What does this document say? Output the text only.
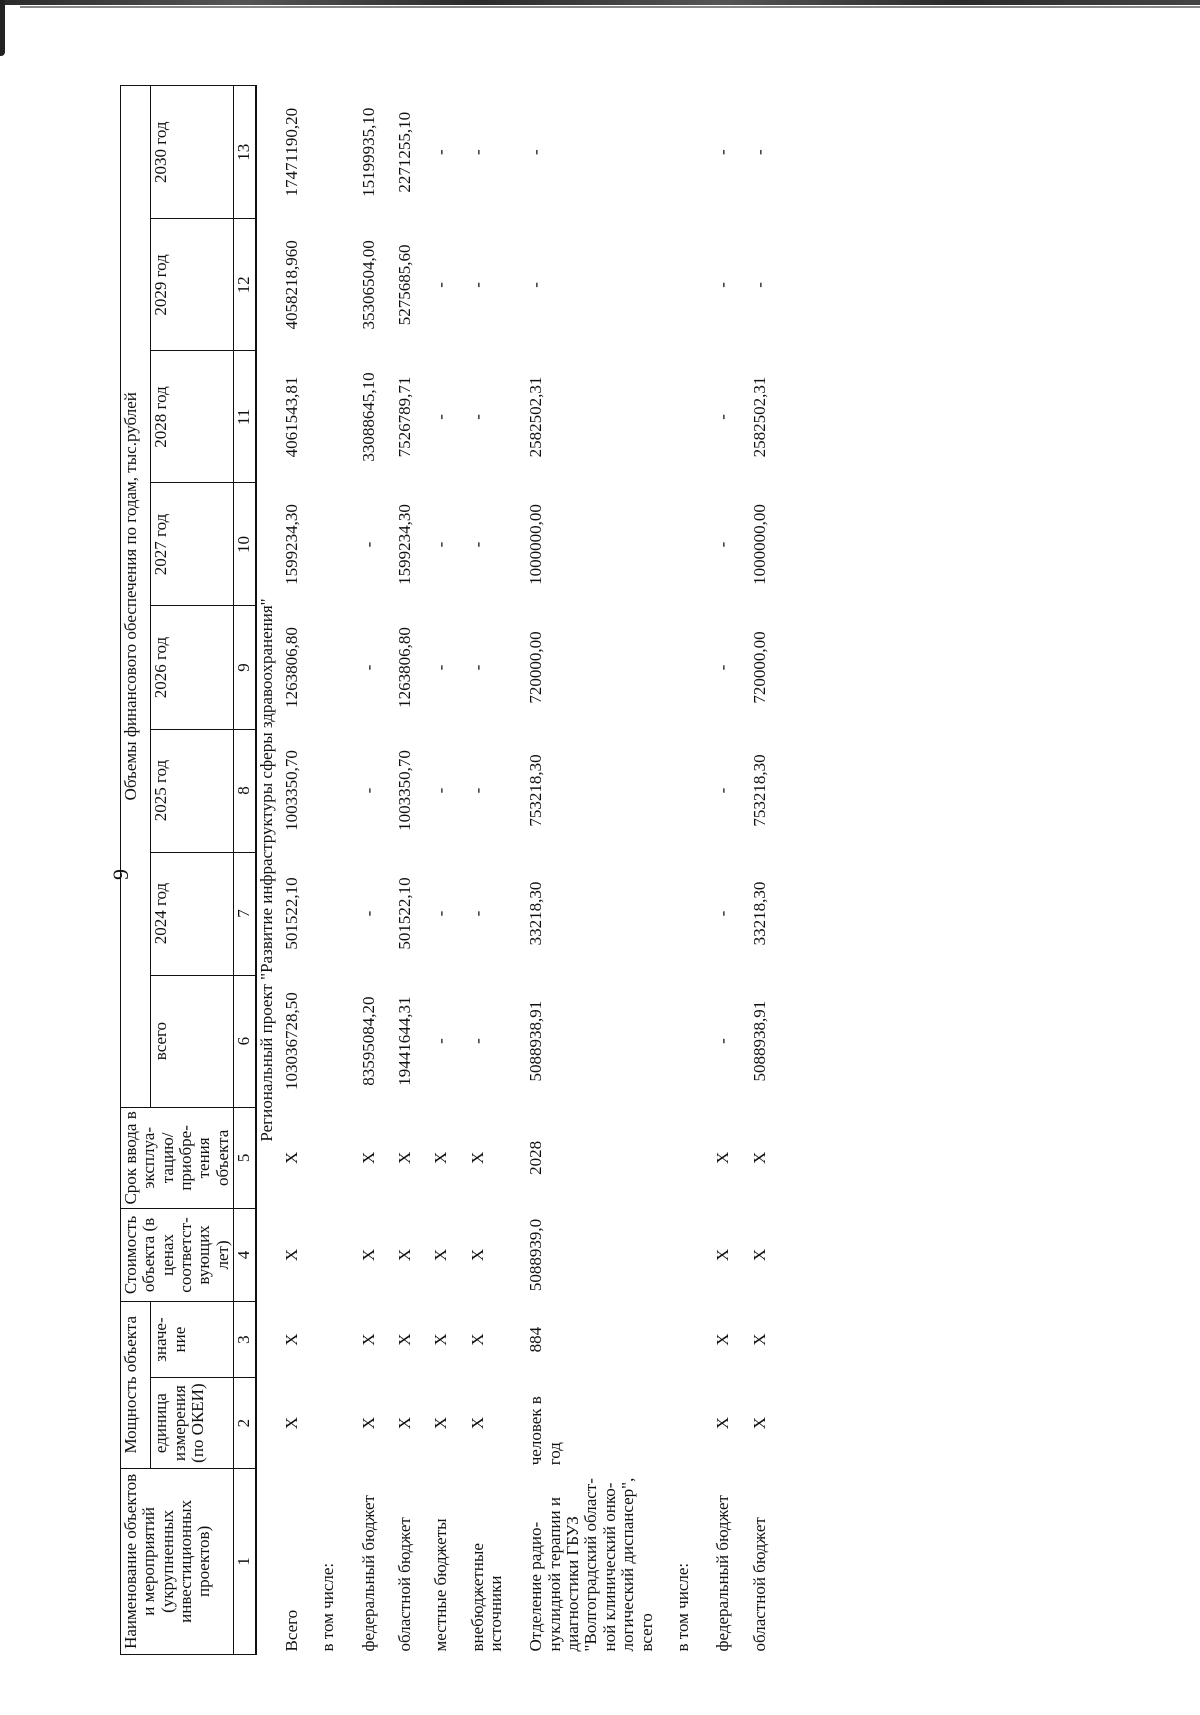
9
Наименование объектов и мероприятий (укрупненных инвестиционных проектов)	Мощность объекта		Стоимость объекта (в ценах соответст- вующих лет)	Срок ввода в эксплуа- тацию/ приобре- тения объекта	Объемы финансового обеспечения по годам, тыс.рублей							
	единица измерения (по ОКЕИ)	значе- ние			всего	2024 год	2025 год	2026 год	2027 год	2028 год	2029 год	2030 год
1	2	3	4	5	6	7	8	9	10	11	12	13
Региональный проект "Развитие инфраструктуры сферы здравоохранения"												
Всего	X	X	X	X	103036728,50	501522,10	1003350,70	1263806,80	1599234,30	4061543,81	4058218,960	17471190,20
в том числе:												
федеральный бюджет	X	X	X	X	83595084,20	-	-	-	-	33088645,10	35306504,00	15199935,10
областной бюджет	X	X	X	X	19441644,31	501522,10	1003350,70	1263806,80	1599234,30	7526789,71	5275685,60	2271255,10
местные бюджеты	X	X	X	X	-	-	-	-	-	-	-	-
внебюджетные источники	X	X	X	X	-	-	-	-	-	-	-	-
Отделение радио- нуклидной терапии и диагностики ГБУЗ "Волгоградский област- ной клинический онко- логический диспансер", всего	человек в год	884	5088939,0	2028	5088938,91	33218,30	753218,30	720000,00	1000000,00	2582502,31	-	-
в том числе:												
федеральный бюджет	X	X	X	X	-	-	-	-	-	-	-	-
областной бюджет	X	X	X	X	5088938,91	33218,30	753218,30	720000,00	1000000,00	2582502,31	-	-
